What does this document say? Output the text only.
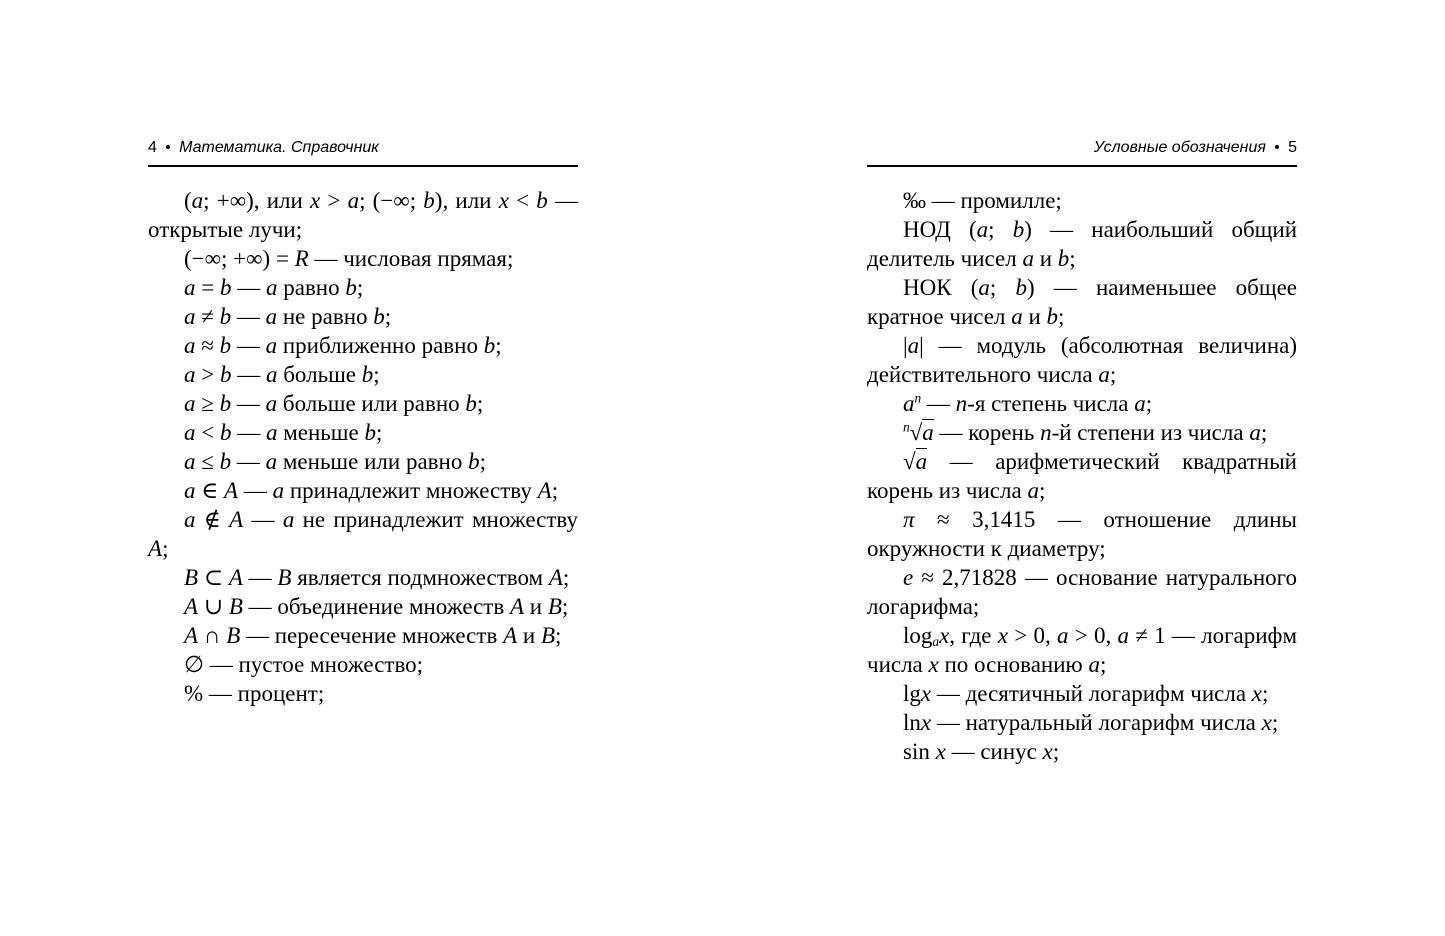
4 • Математика. Справочник

(a; +∞), или x > a; (−∞; b), или x < b — открытые лучи;

(−∞; +∞) = R — числовая прямая;

a = b — a равно b;

a ≠ b — a не равно b;

a ≈ b — a приближенно равно b;

a > b — a больше b;

a ≥ b — a больше или равно b;

a < b — a меньше b;

a ≤ b — a меньше или равно b;

a ∈ A — a принадлежит множеству A;

a ∉ A — a не принадлежит множеству A;

B ⊂ A — B является подмножеством A;

A ∪ B — объединение множеств A и B;

A ∩ B — пересечение множеств A и B;

∅ — пустое множество;

% — процент;

Условные обозначения • 5

‰ — промилле;

НОД (a; b) — наибольший общий делитель чисел a и b;

НОК (a; b) — наименьшее общее кратное чисел a и b;

|a| — модуль (абсолютная величина) действительного числа a;

$a^n$ — n-я степень числа a;

$^n$√a — корень n-й степени из числа a;

√a — арифметический квадратный корень из числа a;

π ≈ 3,1415 — отношение длины окружности к диаметру;

e ≈ 2,71828 — основание натурального логарифма;

$\log_ax$, где x > 0, a > 0, a ≠ 1 — логарифм числа x по основанию a;

lgx — десятичный логарифм числа x;

lnx — натуральный логарифм числа x;

sin x — синус x;
